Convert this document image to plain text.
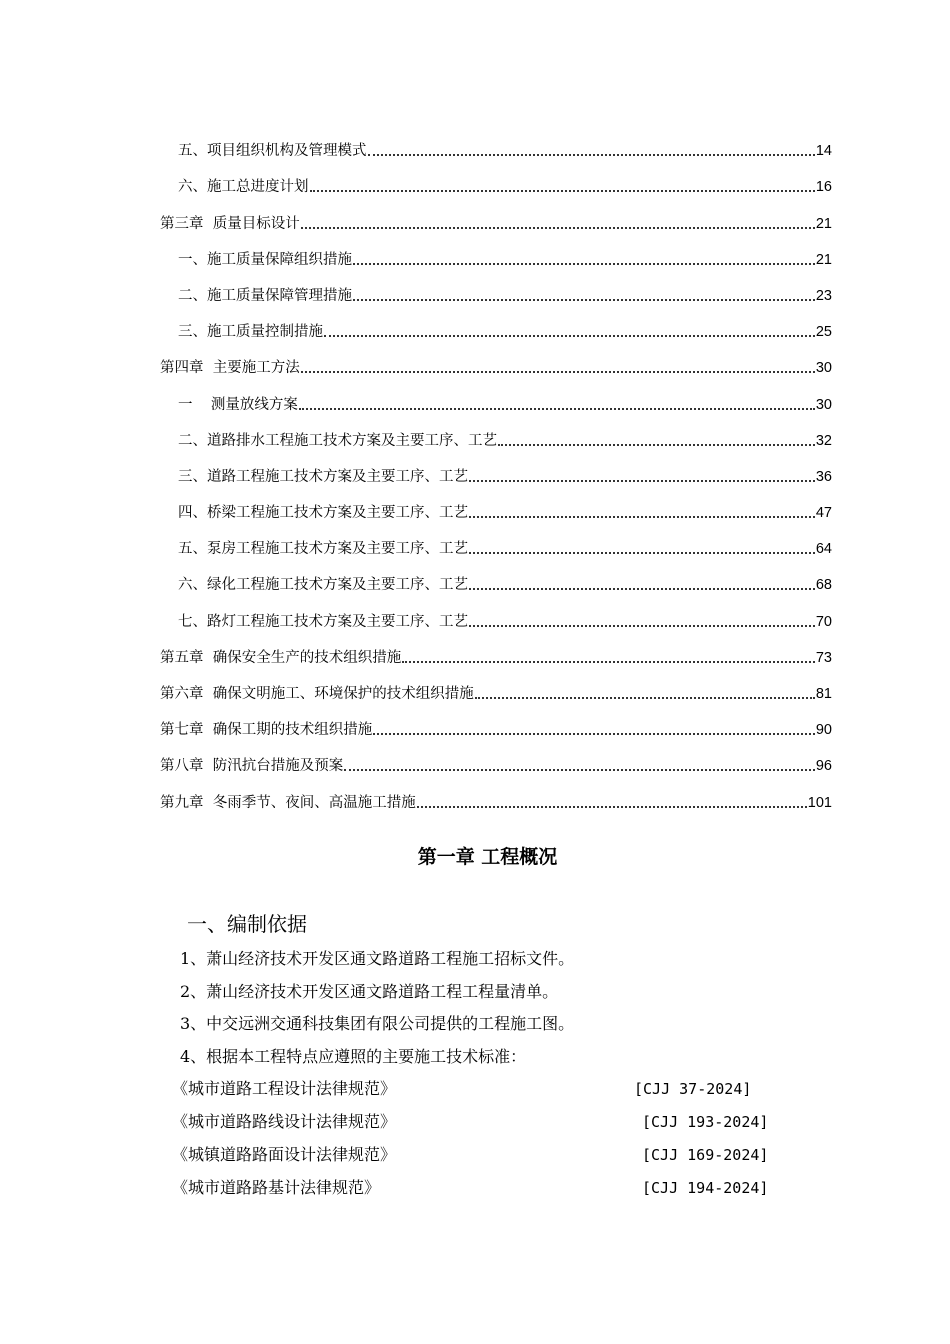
五、项目组织机构及管理模式	14
六、施工总进度计划	16
第三章  质量目标设计	21
一、施工质量保障组织措施	21
二、施工质量保障管理措施	23
三、施工质量控制措施	25
第四章  主要施工方法	30
一    测量放线方案	30
二、道路排水工程施工技术方案及主要工序、工艺	32
三、道路工程施工技术方案及主要工序、工艺	36
四、桥梁工程施工技术方案及主要工序、工艺	47
五、泵房工程施工技术方案及主要工序、工艺	64
六、绿化工程施工技术方案及主要工序、工艺	68
七、路灯工程施工技术方案及主要工序、工艺	70
第五章  确保安全生产的技术组织措施	73
第六章  确保文明施工、环境保护的技术组织措施	81
第七章  确保工期的技术组织措施	90
第八章  防汛抗台措施及预案	96
第九章  冬雨季节、夜间、高温施工措施	101
第一章 工程概况
一、编制依据
1、萧山经济技术开发区通文路道路工程施工招标文件。
2、萧山经济技术开发区通文路道路工程工程量清单。
3、中交远洲交通科技集团有限公司提供的工程施工图。
4、根据本工程特点应遵照的主要施工技术标准：
《城市道路工程设计法律规范》	[CJJ 37-2024]
《城市道路路线设计法律规范》	[CJJ 193-2024]
《城镇道路路面设计法律规范》	[CJJ 169-2024]
《城市道路路基计法律规范》	[CJJ 194-2024]
